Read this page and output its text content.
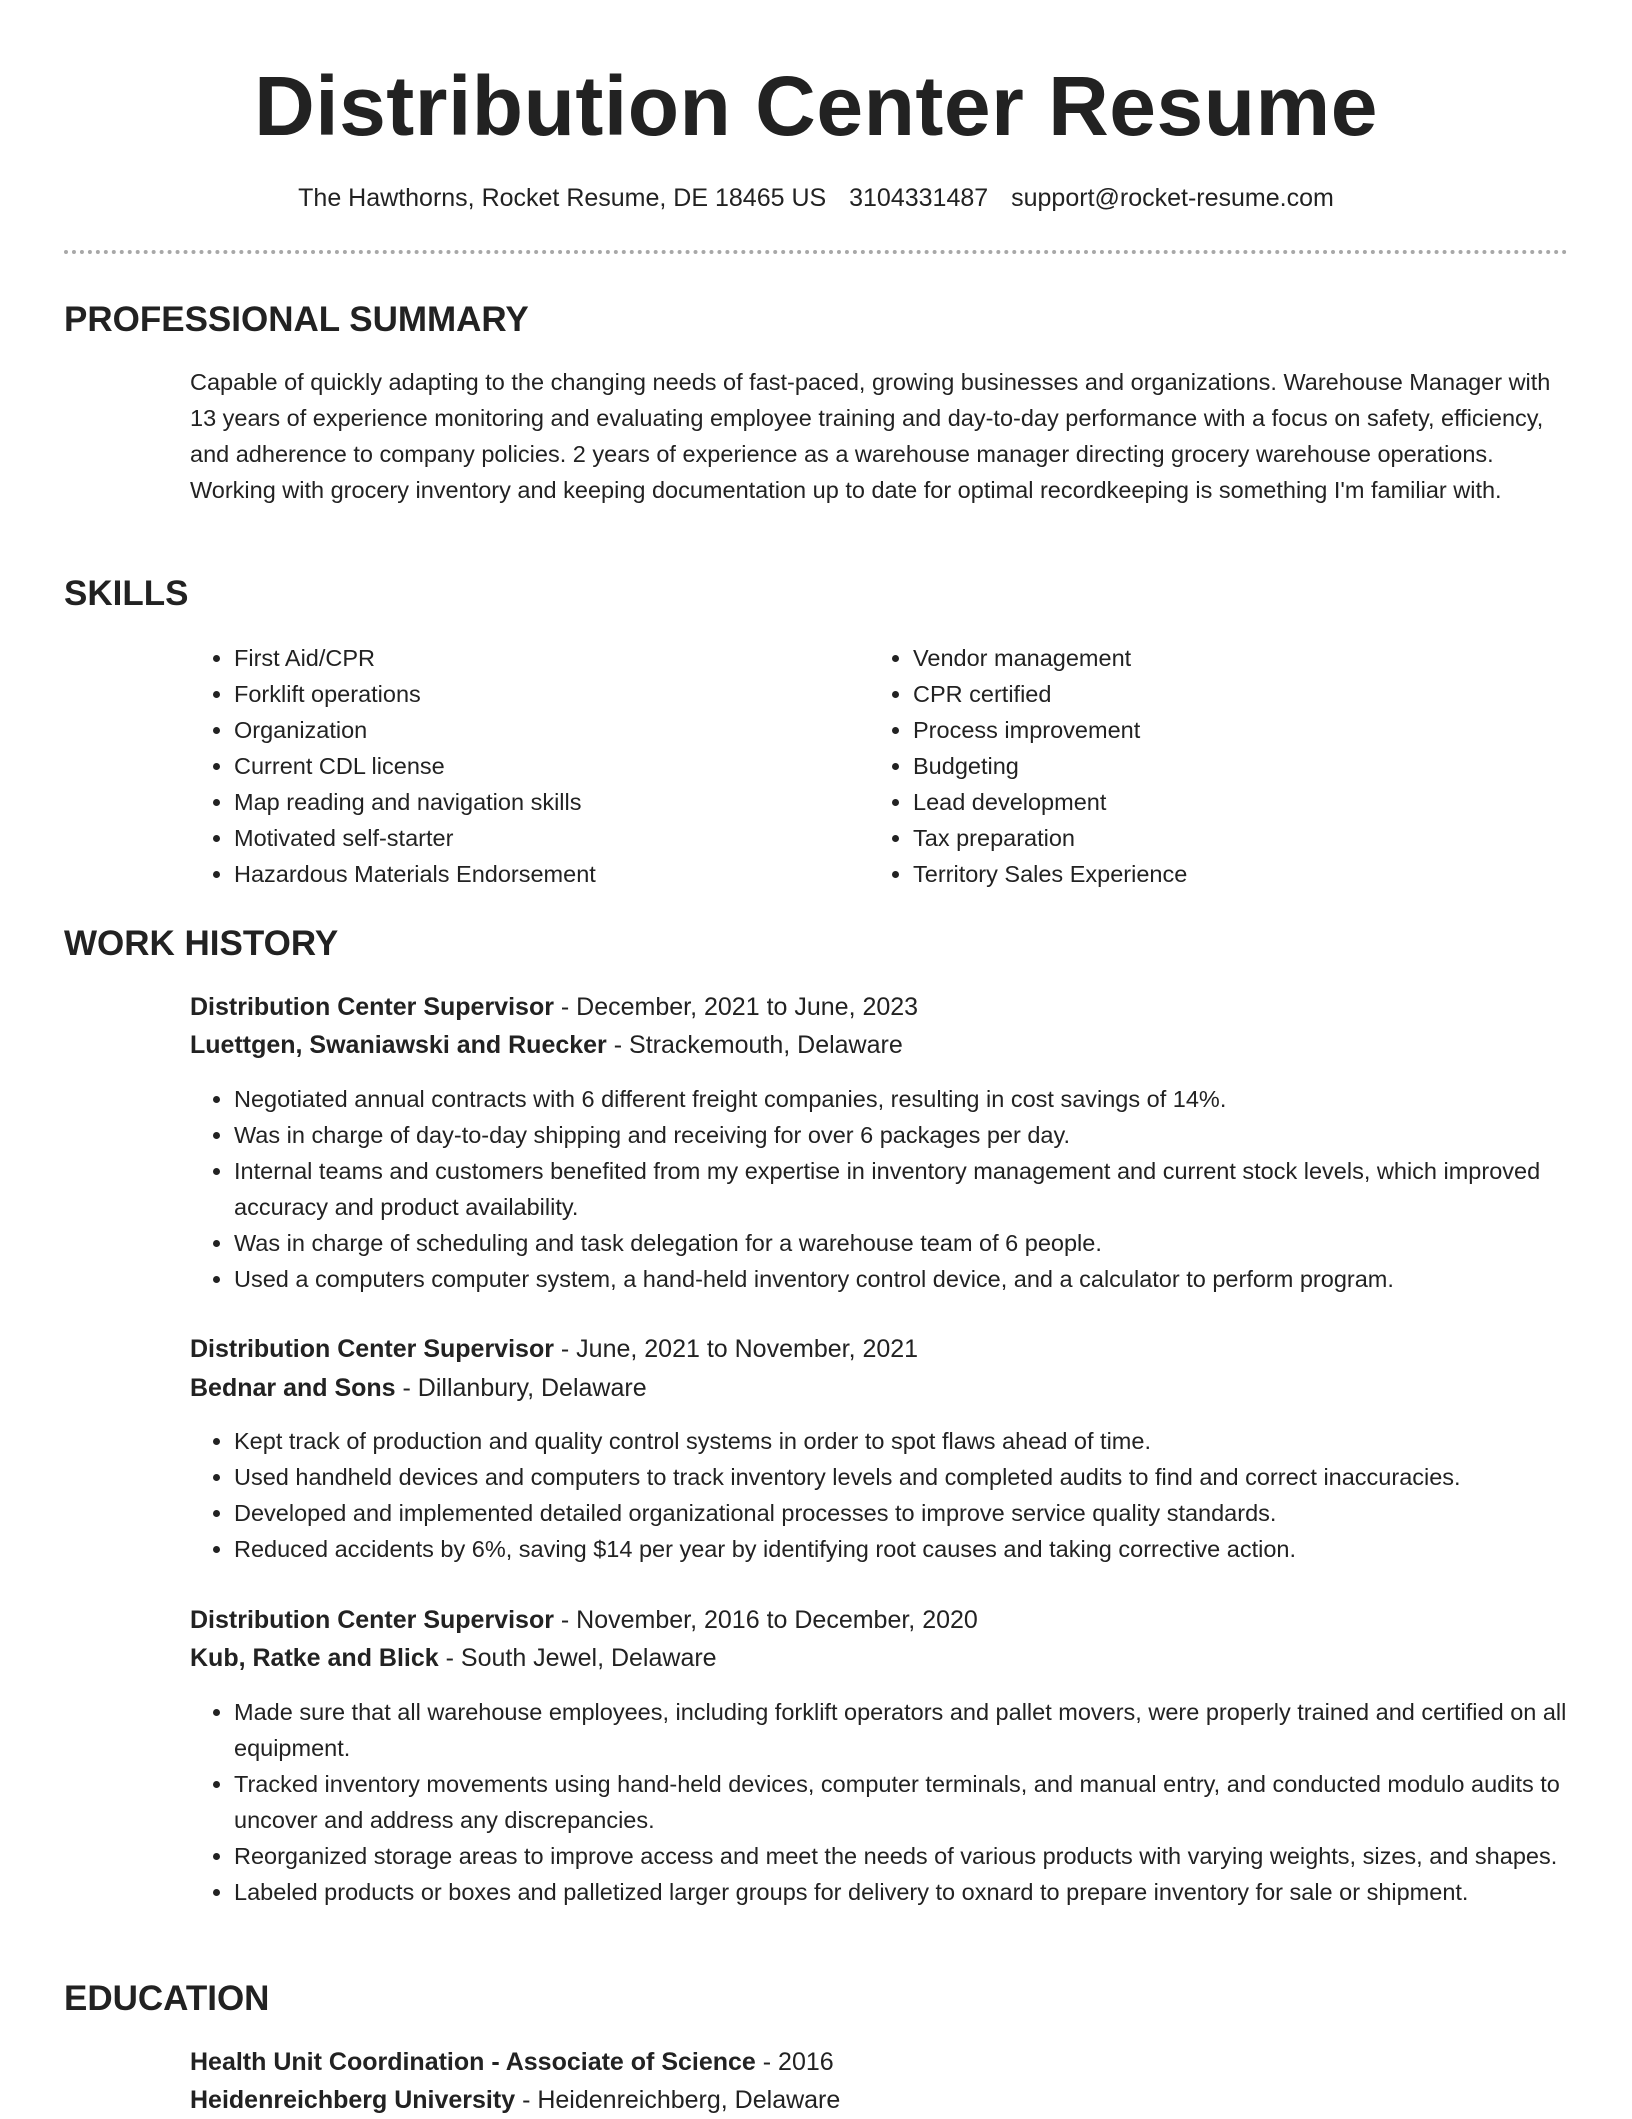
Distribution Center Resume
The Hawthorns, Rocket Resume, DE 18465 US 3104331487 support@rocket-resume.com
PROFESSIONAL SUMMARY

Capable of quickly adapting to the changing needs of fast-paced, growing businesses and organizations. Warehouse Manager with 13 years of experience monitoring and evaluating employee training and day-to-day performance with a focus on safety, efficiency, and adherence to company policies. 2 years of experience as a warehouse manager directing grocery warehouse operations. Working with grocery inventory and keeping documentation up to date for optimal recordkeeping is something I'm familiar with.

SKILLS
• First Aid/CPR
• Forklift operations
• Organization
• Current CDL license
• Map reading and navigation skills
• Motivated self-starter
• Hazardous Materials Endorsement
• Vendor management
• CPR certified
• Process improvement
• Budgeting
• Lead development
• Tax preparation
• Territory Sales Experience
WORK HISTORY
Distribution Center Supervisor - December, 2021 to June, 2023
Luettgen, Swaniawski and Ruecker - Strackemouth, Delaware
• Negotiated annual contracts with 6 different freight companies, resulting in cost savings of 14%.
• Was in charge of day-to-day shipping and receiving for over 6 packages per day.
• Internal teams and customers benefited from my expertise in inventory management and current stock levels, which improved accuracy and product availability.
• Was in charge of scheduling and task delegation for a warehouse team of 6 people.
• Used a computers computer system, a hand-held inventory control device, and a calculator to perform program.
Distribution Center Supervisor - June, 2021 to November, 2021
Bednar and Sons - Dillanbury, Delaware
• Kept track of production and quality control systems in order to spot flaws ahead of time.
• Used handheld devices and computers to track inventory levels and completed audits to find and correct inaccuracies.
• Developed and implemented detailed organizational processes to improve service quality standards.
• Reduced accidents by 6%, saving $14 per year by identifying root causes and taking corrective action.
Distribution Center Supervisor - November, 2016 to December, 2020
Kub, Ratke and Blick - South Jewel, Delaware
• Made sure that all warehouse employees, including forklift operators and pallet movers, were properly trained and certified on all equipment.
• Tracked inventory movements using hand-held devices, computer terminals, and manual entry, and conducted modulo audits to uncover and address any discrepancies.
• Reorganized storage areas to improve access and meet the needs of various products with varying weights, sizes, and shapes.
• Labeled products or boxes and palletized larger groups for delivery to oxnard to prepare inventory for sale or shipment.
EDUCATION
Health Unit Coordination - Associate of Science - 2016
Heidenreichberg University - Heidenreichberg, Delaware
